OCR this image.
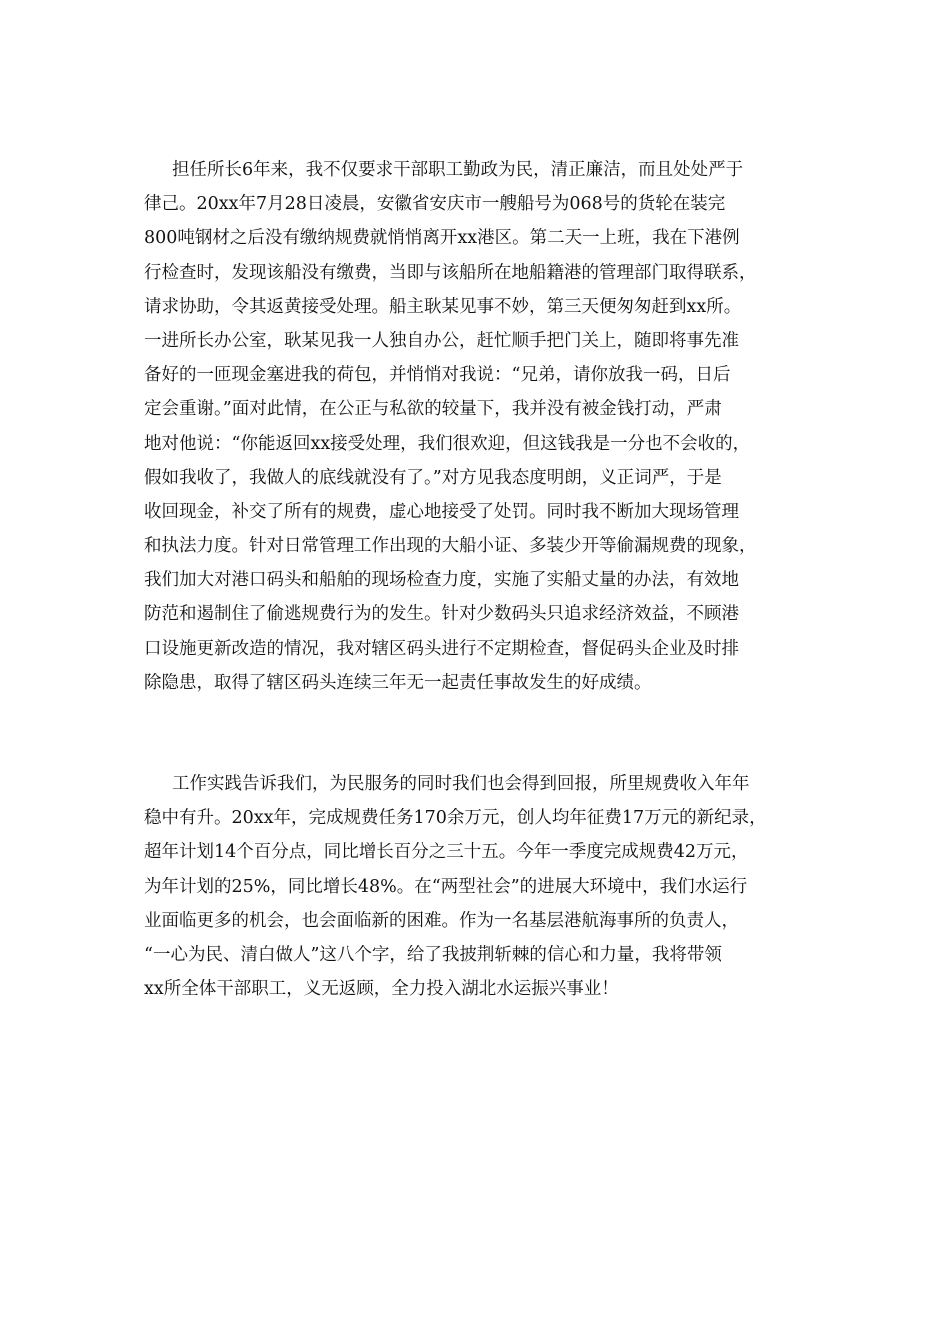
担任所长6年来，我不仅要求干部职工勤政为民，清正廉洁，而且处处严于
律己。20xx年7月28日凌晨，安徽省安庆市一艘船号为068号的货轮在装完
800吨钢材之后没有缴纳规费就悄悄离开xx港区。第二天一上班，我在下港例
行检查时，发现该船没有缴费，当即与该船所在地船籍港的管理部门取得联系，
请求协助，令其返黄接受处理。船主耿某见事不妙，第三天便匆匆赶到xx所。
一进所长办公室，耿某见我一人独自办公，赶忙顺手把门关上，随即将事先准
备好的一匝现金塞进我的荷包，并悄悄对我说：“兄弟，请你放我一码，日后
定会重谢。”面对此情，在公正与私欲的较量下，我并没有被金钱打动，严肃
地对他说：“你能返回xx接受处理，我们很欢迎，但这钱我是一分也不会收的，
假如我收了，我做人的底线就没有了。”对方见我态度明朗，义正词严，于是
收回现金，补交了所有的规费，虚心地接受了处罚。同时我不断加大现场管理
和执法力度。针对日常管理工作出现的大船小证、多装少开等偷漏规费的现象，
我们加大对港口码头和船舶的现场检查力度，实施了实船丈量的办法，有效地
防范和遏制住了偷逃规费行为的发生。针对少数码头只追求经济效益，不顾港
口设施更新改造的情况，我对辖区码头进行不定期检查，督促码头企业及时排
除隐患，取得了辖区码头连续三年无一起责任事故发生的好成绩。
工作实践告诉我们，为民服务的同时我们也会得到回报，所里规费收入年年
稳中有升。20xx年，完成规费任务170余万元，创人均年征费17万元的新纪录，
超年计划14个百分点，同比增长百分之三十五。今年一季度完成规费42万元，
为年计划的25%，同比增长48%。在“两型社会”的进展大环境中，我们水运行
业面临更多的机会，也会面临新的困难。作为一名基层港航海事所的负责人，
“一心为民、清白做人”这八个字，给了我披荆斩棘的信心和力量，我将带领
xx所全体干部职工，义无返顾，全力投入湖北水运振兴事业！
